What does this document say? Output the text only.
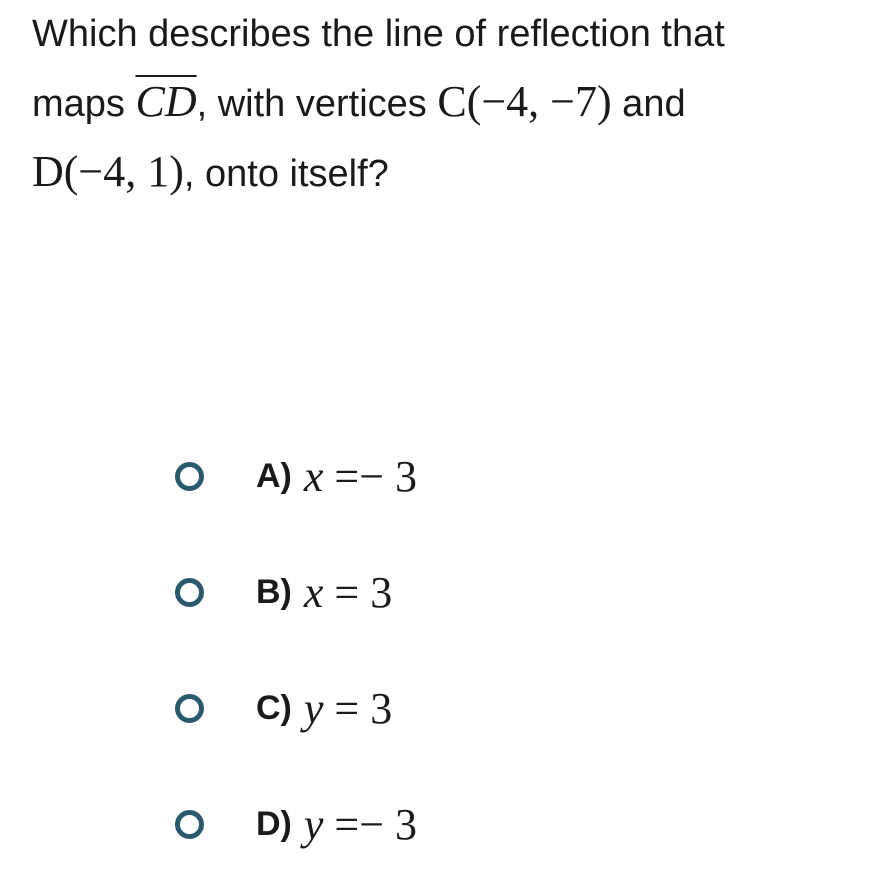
Which describes the line of reflection that
maps $\overline{CD}$, with vertices C(−4, −7) and
D(−4, 1), onto itself?
A) x =− 3
B) x = 3
C) y = 3
D) y =− 3
